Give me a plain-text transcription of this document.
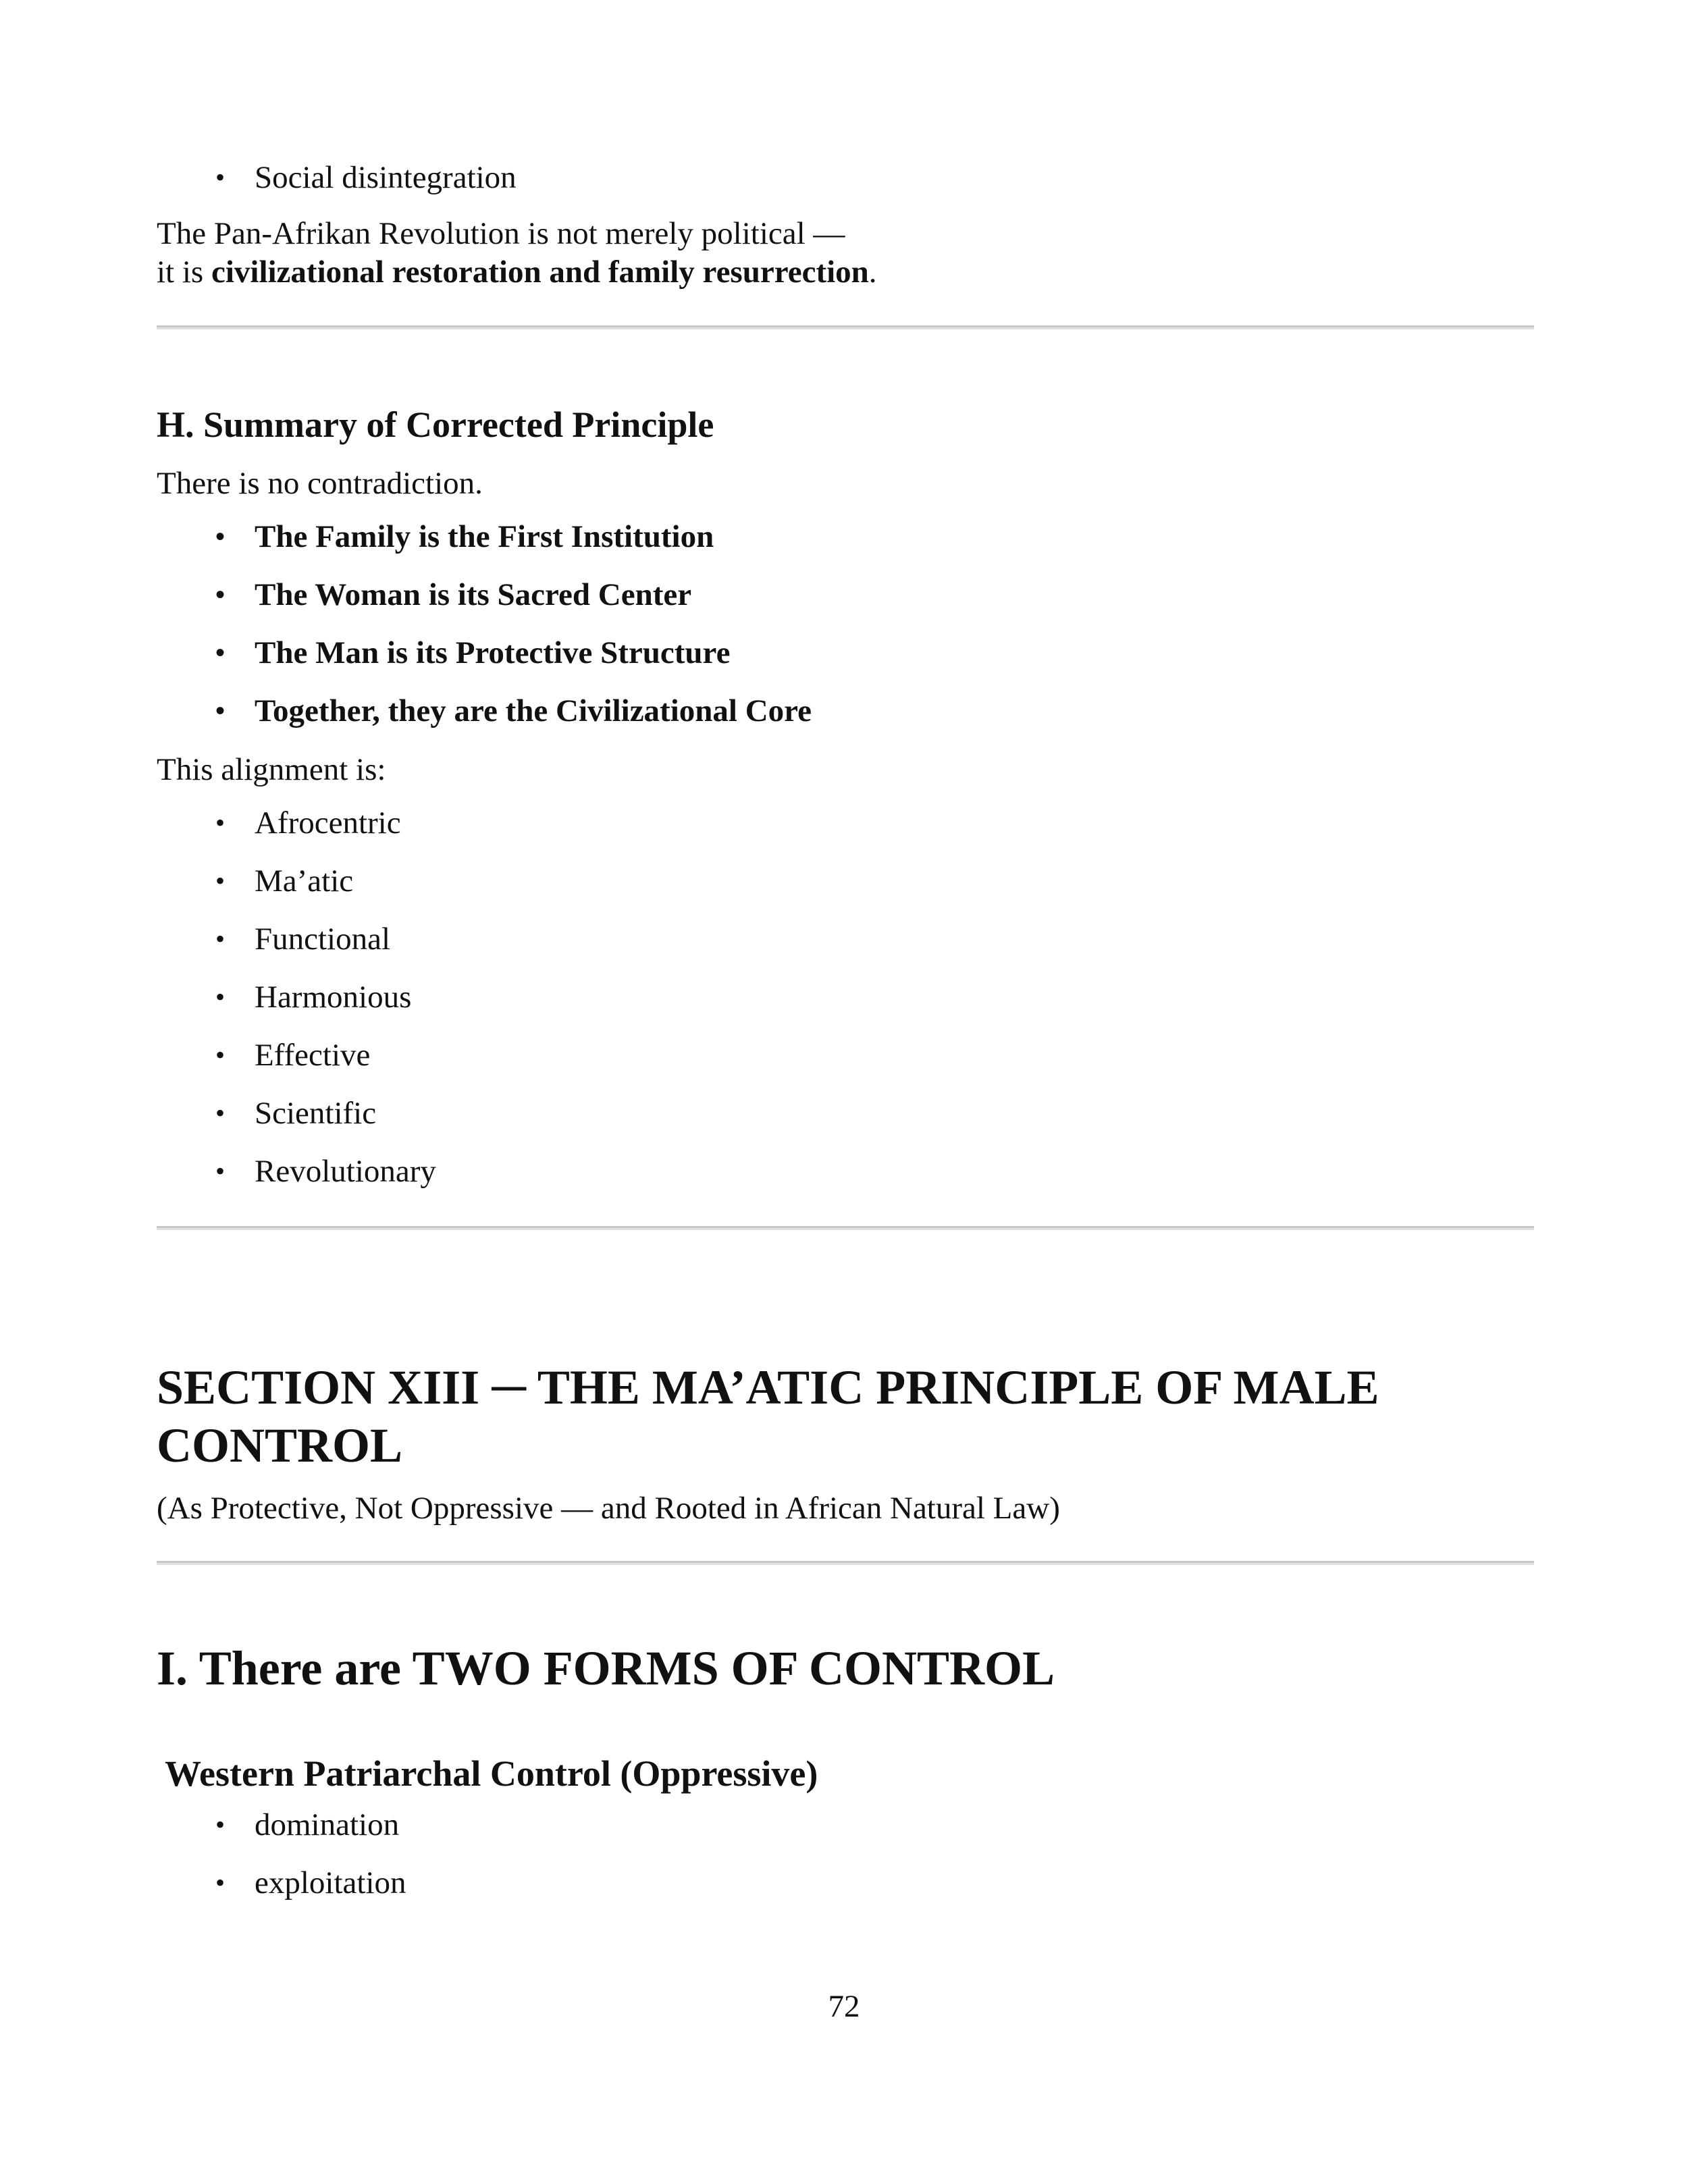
• Social disintegration

The Pan-Afrikan Revolution is not merely political —
it is civilizational restoration and family resurrection.

H. Summary of Corrected Principle

There is no contradiction.

• The Family is the First Institution
• The Woman is its Sacred Center
• The Man is its Protective Structure
• Together, they are the Civilizational Core

This alignment is:

• Afrocentric
• Ma’atic
• Functional
• Harmonious
• Effective
• Scientific
• Revolutionary
SECTION XIII ─ THE MA’ATIC PRINCIPLE OF MALE
CONTROL

(As Protective, Not Oppressive — and Rooted in African Natural Law)

I. There are TWO FORMS OF CONTROL
Western Patriarchal Control (Oppressive)
• domination
• exploitation
72
